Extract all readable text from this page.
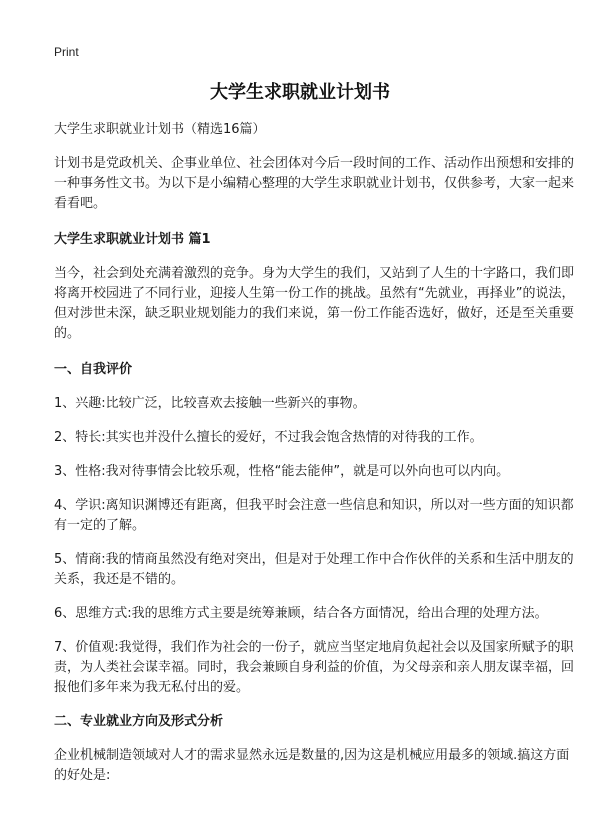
Print
大学生求职就业计划书

大学生求职就业计划书（精选16篇）

计划书是党政机关、企事业单位、社会团体对今后一段时间的工作、活动作出预想和安排的一种事务性文书。为以下是小编精心整理的大学生求职就业计划书，仅供参考，大家一起来看看吧。

大学生求职就业计划书 篇1

当今，社会到处充满着激烈的竞争。身为大学生的我们，又站到了人生的十字路口，我们即将离开校园进了不同行业，迎接人生第一份工作的挑战。虽然有“先就业，再择业”的说法，但对涉世未深，缺乏职业规划能力的我们来说，第一份工作能否选好，做好，还是至关重要的。

一、自我评价

1、兴趣:比较广泛，比较喜欢去接触一些新兴的事物。

2、特长:其实也并没什么擅长的爱好，不过我会饱含热情的对待我的工作。

3、性格:我对待事情会比较乐观，性格“能去能伸”，就是可以外向也可以内向。

4、学识:离知识渊博还有距离，但我平时会注意一些信息和知识，所以对一些方面的知识都有一定的了解。

5、情商:我的情商虽然没有绝对突出，但是对于处理工作中合作伙伴的关系和生活中朋友的关系，我还是不错的。

6、思维方式:我的思维方式主要是统筹兼顾，结合各方面情况，给出合理的处理方法。

7、价值观:我觉得，我们作为社会的一份子，就应当坚定地肩负起社会以及国家所赋予的职责，为人类社会谋幸福。同时，我会兼顾自身利益的价值，为父母亲和亲人朋友谋幸福，回报他们多年来为我无私付出的爱。

二、专业就业方向及形式分析

企业机械制造领域对人才的需求显然永远是数量的,因为这是机械应用最多的领域.搞这方面的好处是:
